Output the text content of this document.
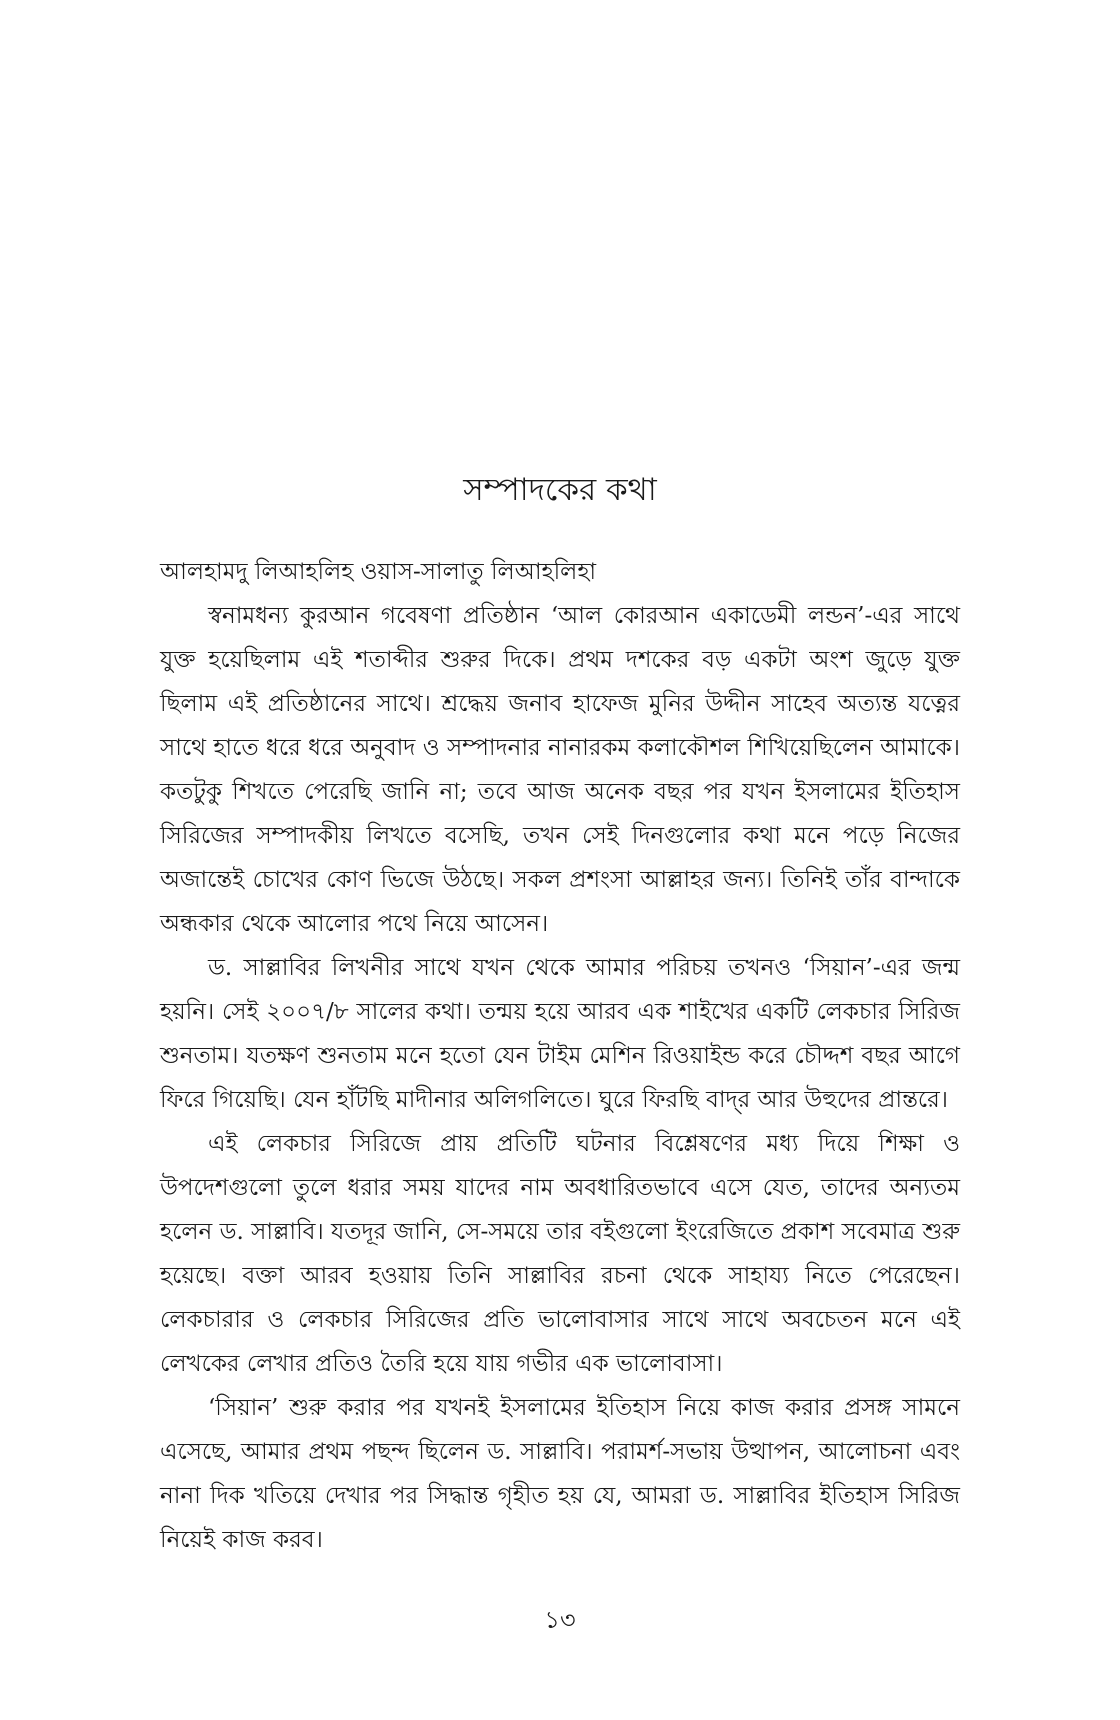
সম্পাদকের কথা

আলহামদু লিআহলিহ ওয়াস-সালাতু লিআহলিহা

স্বনামধন্য কুরআন গবেষণা প্রতিষ্ঠান ‘আল কোরআন একাডেমী লন্ডন’-এর সাথে যুক্ত হয়েছিলাম এই শতাব্দীর শুরুর দিকে। প্রথম দশকের বড় একটা অংশ জুড়ে যুক্ত ছিলাম এই প্রতিষ্ঠানের সাথে। শ্রদ্ধেয় জনাব হাফেজ মুনির উদ্দীন সাহেব অত্যন্ত যত্নের সাথে হাতে ধরে ধরে অনুবাদ ও সম্পাদনার নানারকম কলাকৌশল শিখিয়েছিলেন আমাকে। কতটুকু শিখতে পেরেছি জানি না; তবে আজ অনেক বছর পর যখন ইসলামের ইতিহাস সিরিজের সম্পাদকীয় লিখতে বসেছি, তখন সেই দিনগুলোর কথা মনে পড়ে নিজের অজান্তেই চোখের কোণ ভিজে উঠছে। সকল প্রশংসা আল্লাহর জন্য। তিনিই তাঁর বান্দাকে অন্ধকার থেকে আলোর পথে নিয়ে আসেন।

ড. সাল্লাবির লিখনীর সাথে যখন থেকে আমার পরিচয় তখনও ‘সিয়ান’-এর জন্ম হয়নি। সেই ২০০৭/৮ সালের কথা। তন্ময় হয়ে আরব এক শাইখের একটি লেকচার সিরিজ শুনতাম। যতক্ষণ শুনতাম মনে হতো যেন টাইম মেশিন রিওয়াইন্ড করে চৌদ্দশ বছর আগে ফিরে গিয়েছি। যেন হাঁটছি মাদীনার অলিগলিতে। ঘুরে ফিরছি বাদ্‌র আর উহুদের প্রান্তরে।

এই লেকচার সিরিজে প্রায় প্রতিটি ঘটনার বিশ্লেষণের মধ্য দিয়ে শিক্ষা ও উপদেশগুলো তুলে ধরার সময় যাদের নাম অবধারিতভাবে এসে যেত, তাদের অন্যতম হলেন ড. সাল্লাবি। যতদূর জানি, সে-সময়ে তার বইগুলো ইংরেজিতে প্রকাশ সবেমাত্র শুরু হয়েছে। বক্তা আরব হওয়ায় তিনি সাল্লাবির রচনা থেকে সাহায্য নিতে পেরেছেন। লেকচারার ও লেকচার সিরিজের প্রতি ভালোবাসার সাথে সাথে অবচেতন মনে এই লেখকের লেখার প্রতিও তৈরি হয়ে যায় গভীর এক ভালোবাসা।

‘সিয়ান’ শুরু করার পর যখনই ইসলামের ইতিহাস নিয়ে কাজ করার প্রসঙ্গ সামনে এসেছে, আমার প্রথম পছন্দ ছিলেন ড. সাল্লাবি। পরামর্শ-সভায় উত্থাপন, আলোচনা এবং নানা দিক খতিয়ে দেখার পর সিদ্ধান্ত গৃহীত হয় যে, আমরা ড. সাল্লাবির ইতিহাস সিরিজ নিয়েই কাজ করব।

১৩
